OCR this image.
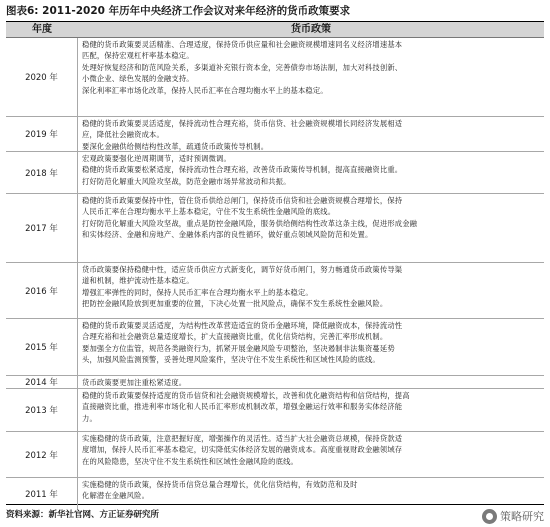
图表6: 2011-2020 年历年中央经济工作会议对来年经济的货币政策要求
年度	货币政策
2020 年
稳健的货币政策要灵活精准、合理适度，保持货币供应量和社会融资规模增速同名义经济增速基本
匹配，保持宏观杠杆率基本稳定。
处理好恢复经济和防范风险关系，多渠道补充银行资本金，完善债券市场法制，加大对科技创新、
小微企业、绿色发展的金融支持。
深化利率汇率市场化改革，保持人民币汇率在合理均衡水平上的基本稳定。
2019 年
稳健的货币政策要灵活适度，保持流动性合理充裕，货币信贷、社会融资规模增长同经济发展相适
应，降低社会融资成本。
要深化金融供给侧结构性改革，疏通货币政策传导机制。
2018 年
宏观政策要强化逆周期调节，适时预调微调。
稳健的货币政策要松紧适度，保持流动性合理充裕，改善货币政策传导机制，提高直接融资比重。
打好防范化解重大风险攻坚战，防范金融市场异常波动和共振。
2017 年
稳健的货币政策要保持中性，管住货币供给总闸门，保持货币信贷和社会融资规模合理增长，保持
人民币汇率在合理均衡水平上基本稳定，守住不发生系统性金融风险的底线。
打好防范化解重大风险攻坚战，重点是防控金融风险，服务供给侧结构性改革这条主线，促进形成金融
和实体经济、金融和房地产、金融体系内部的良性循环，做好重点领域风险防范和处置。
2016 年
货币政策要保持稳健中性，适应货币供应方式新变化，调节好货币闸门，努力畅通货币政策传导渠
道和机制，维护流动性基本稳定。
增强汇率弹性的同时，保持人民币汇率在合理均衡水平上的基本稳定。
把防控金融风险放到更加重要的位置，下决心处置一批风险点，确保不发生系统性金融风险。
2015 年
稳健的货币政策要灵活适度，为结构性改革营造适宜的货币金融环境，降低融资成本，保持流动性
合理充裕和社会融资总量适度增长，扩大直接融资比重，优化信贷结构，完善汇率形成机制。
要加强全方位监管，规范各类融资行为，抓紧开展金融风险专项整治，坚决遏制非法集资蔓延势
头，加强风险监测预警，妥善处理风险案件，坚决守住不发生系统性和区域性风险的底线。
2014 年	货币政策要更加注重松紧适度。
2013 年
稳健的货币政策要保持适度的货币信贷和社会融资规模增长，改善和优化融资结构和信贷结构，提高
直接融资比重，推进利率市场化和人民币汇率形成机制改革，增强金融运行效率和服务实体经济能
力。
2012 年
实施稳健的货币政策，注意把握好度，增强操作的灵活性。适当扩大社会融资总规模，保持贷款适
度增加，保持人民币汇率基本稳定，切实降低实体经济发展的融资成本。高度重视财政金融领域存
在的风险隐患，坚决守住不发生系统性和区域性金融风险的底线。
2011 年
实施稳健的货币政策，保持货币信贷总量合理增长，优化信贷结构，有效防范和及时
化解潜在金融风险。
资料来源：新华社官网、方正证券研究所	策略研究
